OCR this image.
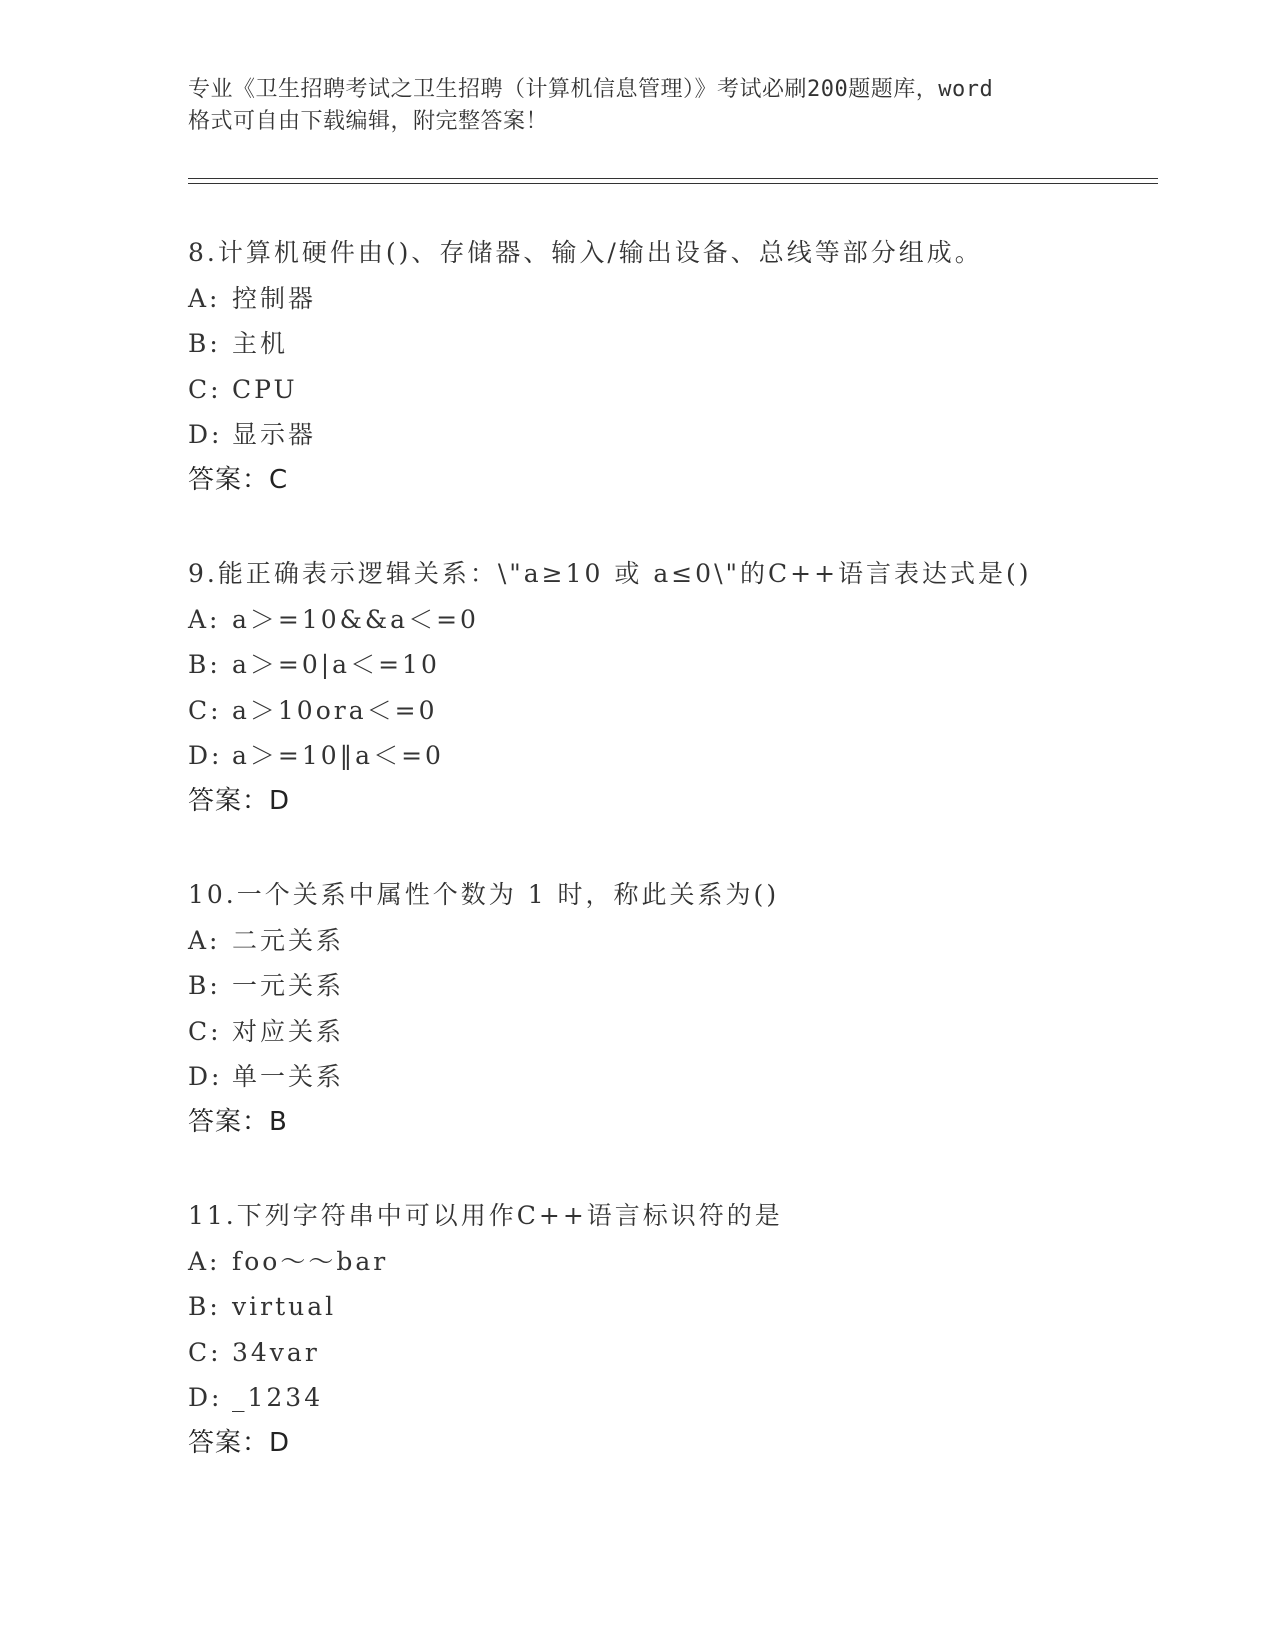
专业《卫生招聘考试之卫生招聘（计算机信息管理）》考试必刷200题题库，word
格式可自由下载编辑，附完整答案！
8.计算机硬件由()、存储器、输入/输出设备、总线等部分组成。
A: 控制器
B: 主机
C: CPU
D: 显示器
答案：C
9.能正确表示逻辑关系：\"a≥10 或 a≤0\"的C++语言表达式是()
A: a＞=10&&a＜=0
B: a＞=0|a＜=10
C: a＞10ora＜=0
D: a＞=10‖a＜=0
答案：D
10.一个关系中属性个数为 1 时，称此关系为()
A: 二元关系
B: 一元关系
C: 对应关系
D: 单一关系
答案：B
11.下列字符串中可以用作C++语言标识符的是
A: foo～～bar
B: virtual
C: 34var
D: _1234
答案：D
